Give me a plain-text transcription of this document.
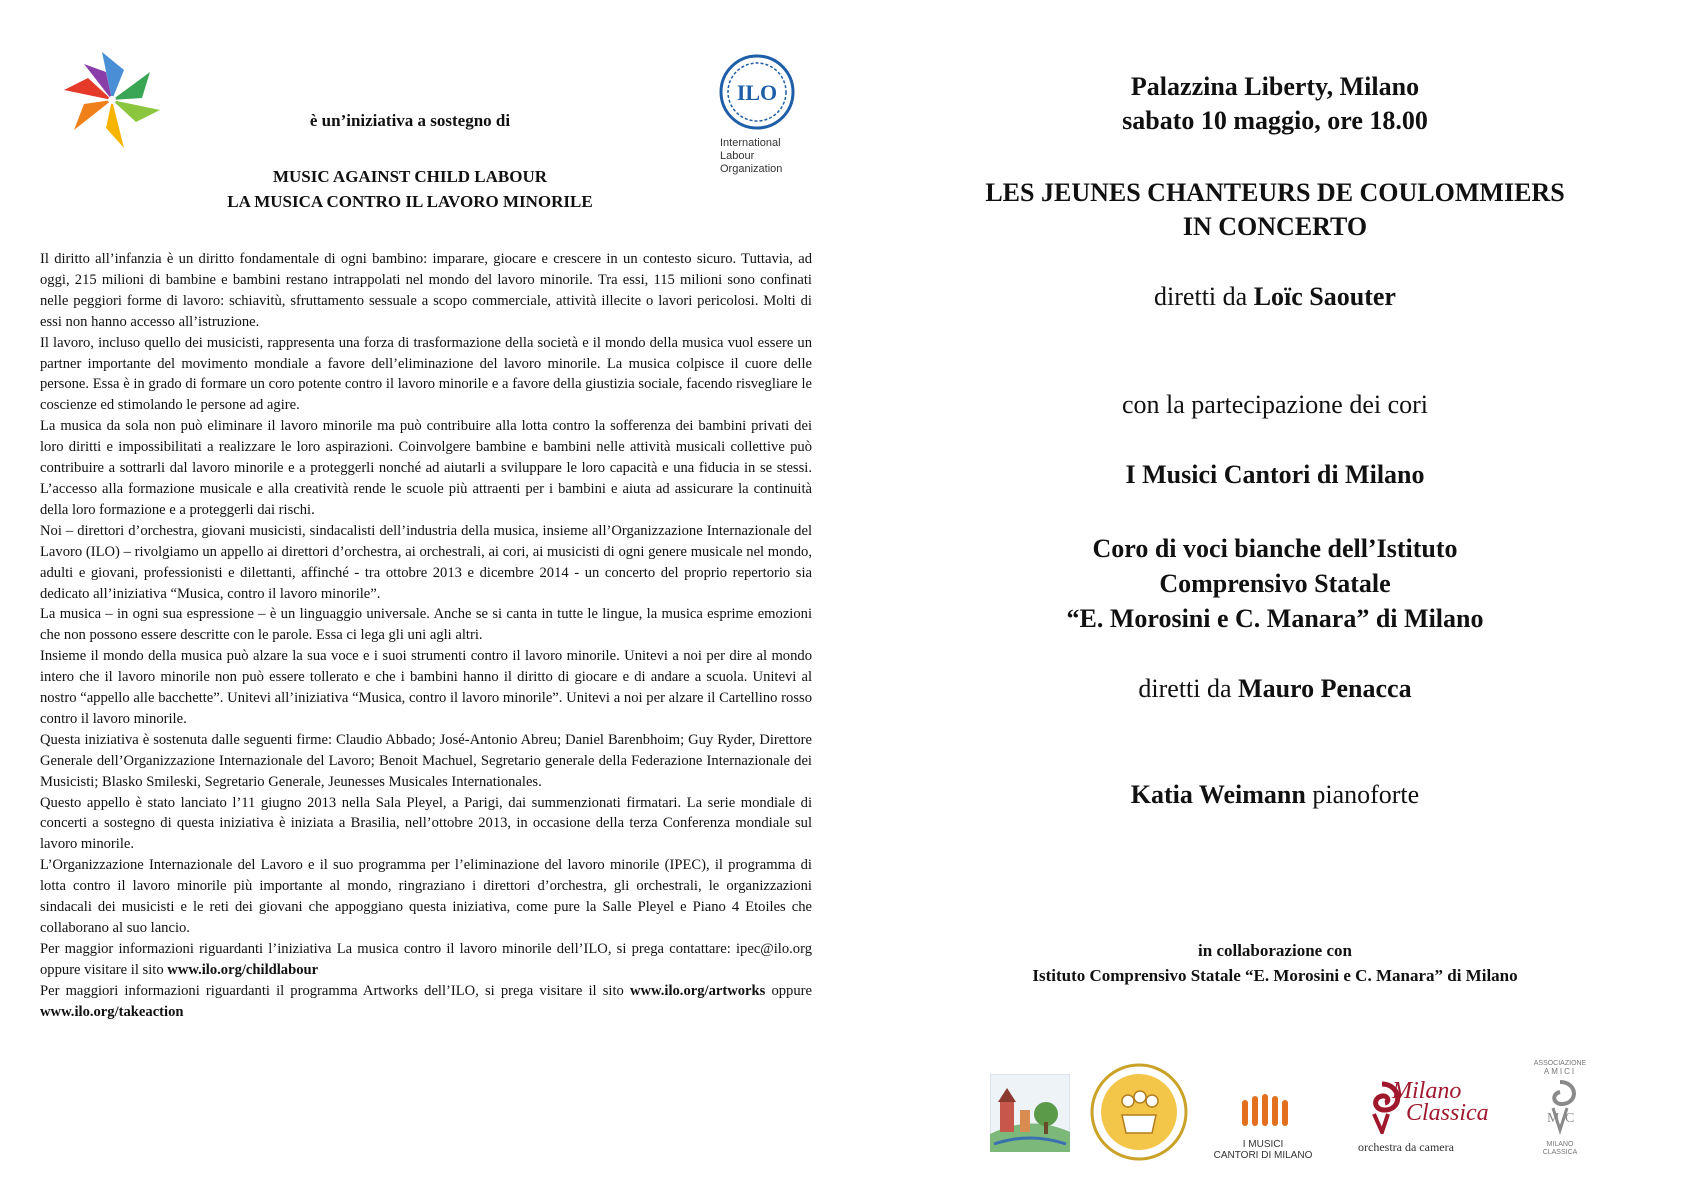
è un’iniziativa a sostegno di
MUSIC AGAINST CHILD LABOUR
LA MUSICA CONTRO IL LAVORO MINORILE
ILO
International
Labour
Organization

Il diritto all’infanzia è un diritto fondamentale di ogni bambino: imparare, giocare e crescere in un contesto sicuro. Tuttavia, ad oggi, 215 milioni di bambine e bambini restano intrappolati nel mondo del lavoro minorile. Tra essi, 115 milioni sono confinati nelle peggiori forme di lavoro: schiavitù, sfruttamento sessuale a scopo commerciale, attività illecite o lavori pericolosi. Molti di essi non hanno accesso all’istruzione.

Il lavoro, incluso quello dei musicisti, rappresenta una forza di trasformazione della società e il mondo della musica vuol essere un partner importante del movimento mondiale a favore dell’eliminazione del lavoro minorile. La musica colpisce il cuore delle persone. Essa è in grado di formare un coro potente contro il lavoro minorile e a favore della giustizia sociale, facendo risvegliare le coscienze ed stimolando le persone ad agire.

La musica da sola non può eliminare il lavoro minorile ma può contribuire alla lotta contro la sofferenza dei bambini privati dei loro diritti e impossibilitati a realizzare le loro aspirazioni. Coinvolgere bambine e bambini nelle attività musicali collettive può contribuire a sottrarli dal lavoro minorile e a proteggerli nonché ad aiutarli a sviluppare le loro capacità e una fiducia in se stessi. L’accesso alla formazione musicale e alla creatività rende le scuole più attraenti per i bambini e aiuta ad assicurare la continuità della loro formazione e a proteggerli dai rischi.

Noi – direttori d’orchestra, giovani musicisti, sindacalisti dell’industria della musica, insieme all’Organizzazione Internazionale del Lavoro (ILO) – rivolgiamo un appello ai direttori d’orchestra, ai orchestrali, ai cori, ai musicisti di ogni genere musicale nel mondo, adulti e giovani, professionisti e dilettanti, affinché - tra ottobre 2013 e dicembre 2014 - un concerto del proprio repertorio sia dedicato all’iniziativa “Musica, contro il lavoro minorile”.

La musica – in ogni sua espressione – è un linguaggio universale. Anche se si canta in tutte le lingue, la musica esprime emozioni che non possono essere descritte con le parole. Essa ci lega gli uni agli altri.

Insieme il mondo della musica può alzare la sua voce e i suoi strumenti contro il lavoro minorile. Unitevi a noi per dire al mondo intero che il lavoro minorile non può essere tollerato e che i bambini hanno il diritto di giocare e di andare a scuola. Unitevi al nostro “appello alle bacchette”. Unitevi all’iniziativa “Musica, contro il lavoro minorile”. Unitevi a noi per alzare il Cartellino rosso contro il lavoro minorile.

Questa iniziativa è sostenuta dalle seguenti firme: Claudio Abbado; José-Antonio Abreu; Daniel Barenbhoim; Guy Ryder, Direttore Generale dell’Organizzazione Internazionale del Lavoro; Benoit Machuel, Segretario generale della Federazione Internazionale dei Musicisti; Blasko Smileski, Segretario Generale, Jeunesses Musicales Internationales.

Questo appello è stato lanciato l’11 giugno 2013 nella Sala Pleyel, a Parigi, dai summenzionati firmatari. La serie mondiale di concerti a sostegno di questa iniziativa è iniziata a Brasilia, nell’ottobre 2013, in occasione della terza Conferenza mondiale sul lavoro minorile.

L’Organizzazione Internazionale del Lavoro e il suo programma per l’eliminazione del lavoro minorile (IPEC), il programma di lotta contro il lavoro minorile più importante al mondo, ringraziano i direttori d’orchestra, gli orchestrali, le organizzazioni sindacali dei musicisti e le reti dei giovani che appoggiano questa iniziativa, come pure la Salle Pleyel e Piano 4 Etoiles che collaborano al suo lancio.

Per maggior informazioni riguardanti l’iniziativa La musica contro il lavoro minorile dell’ILO, si prega contattare: ipec@ilo.org oppure visitare il sito www.ilo.org/childlabour

Per maggiori informazioni riguardanti il programma Artworks dell’ILO, si prega visitare il sito www.ilo.org/artworks oppure www.ilo.org/takeaction

Palazzina Liberty, Milano
sabato 10 maggio, ore 18.00
LES JEUNES CHANTEURS DE COULOMMIERS
IN CONCERTO
diretti da Loïc Saouter
con la partecipazione dei cori
I Musici Cantori di Milano
Coro di voci bianche dell’Istituto
Comprensivo Statale
“E. Morosini e C. Manara” di Milano
diretti da Mauro Penacca
Katia Weimann pianoforte
in collaborazione con
Istituto Comprensivo Statale “E. Morosini e C. Manara” di Milano
I MUSICI
CANTORI DI MILANO
Milano
Classica
orchestra da camera
ASSOCIAZIONE
AMICI
M C
MILANO CLASSICA
